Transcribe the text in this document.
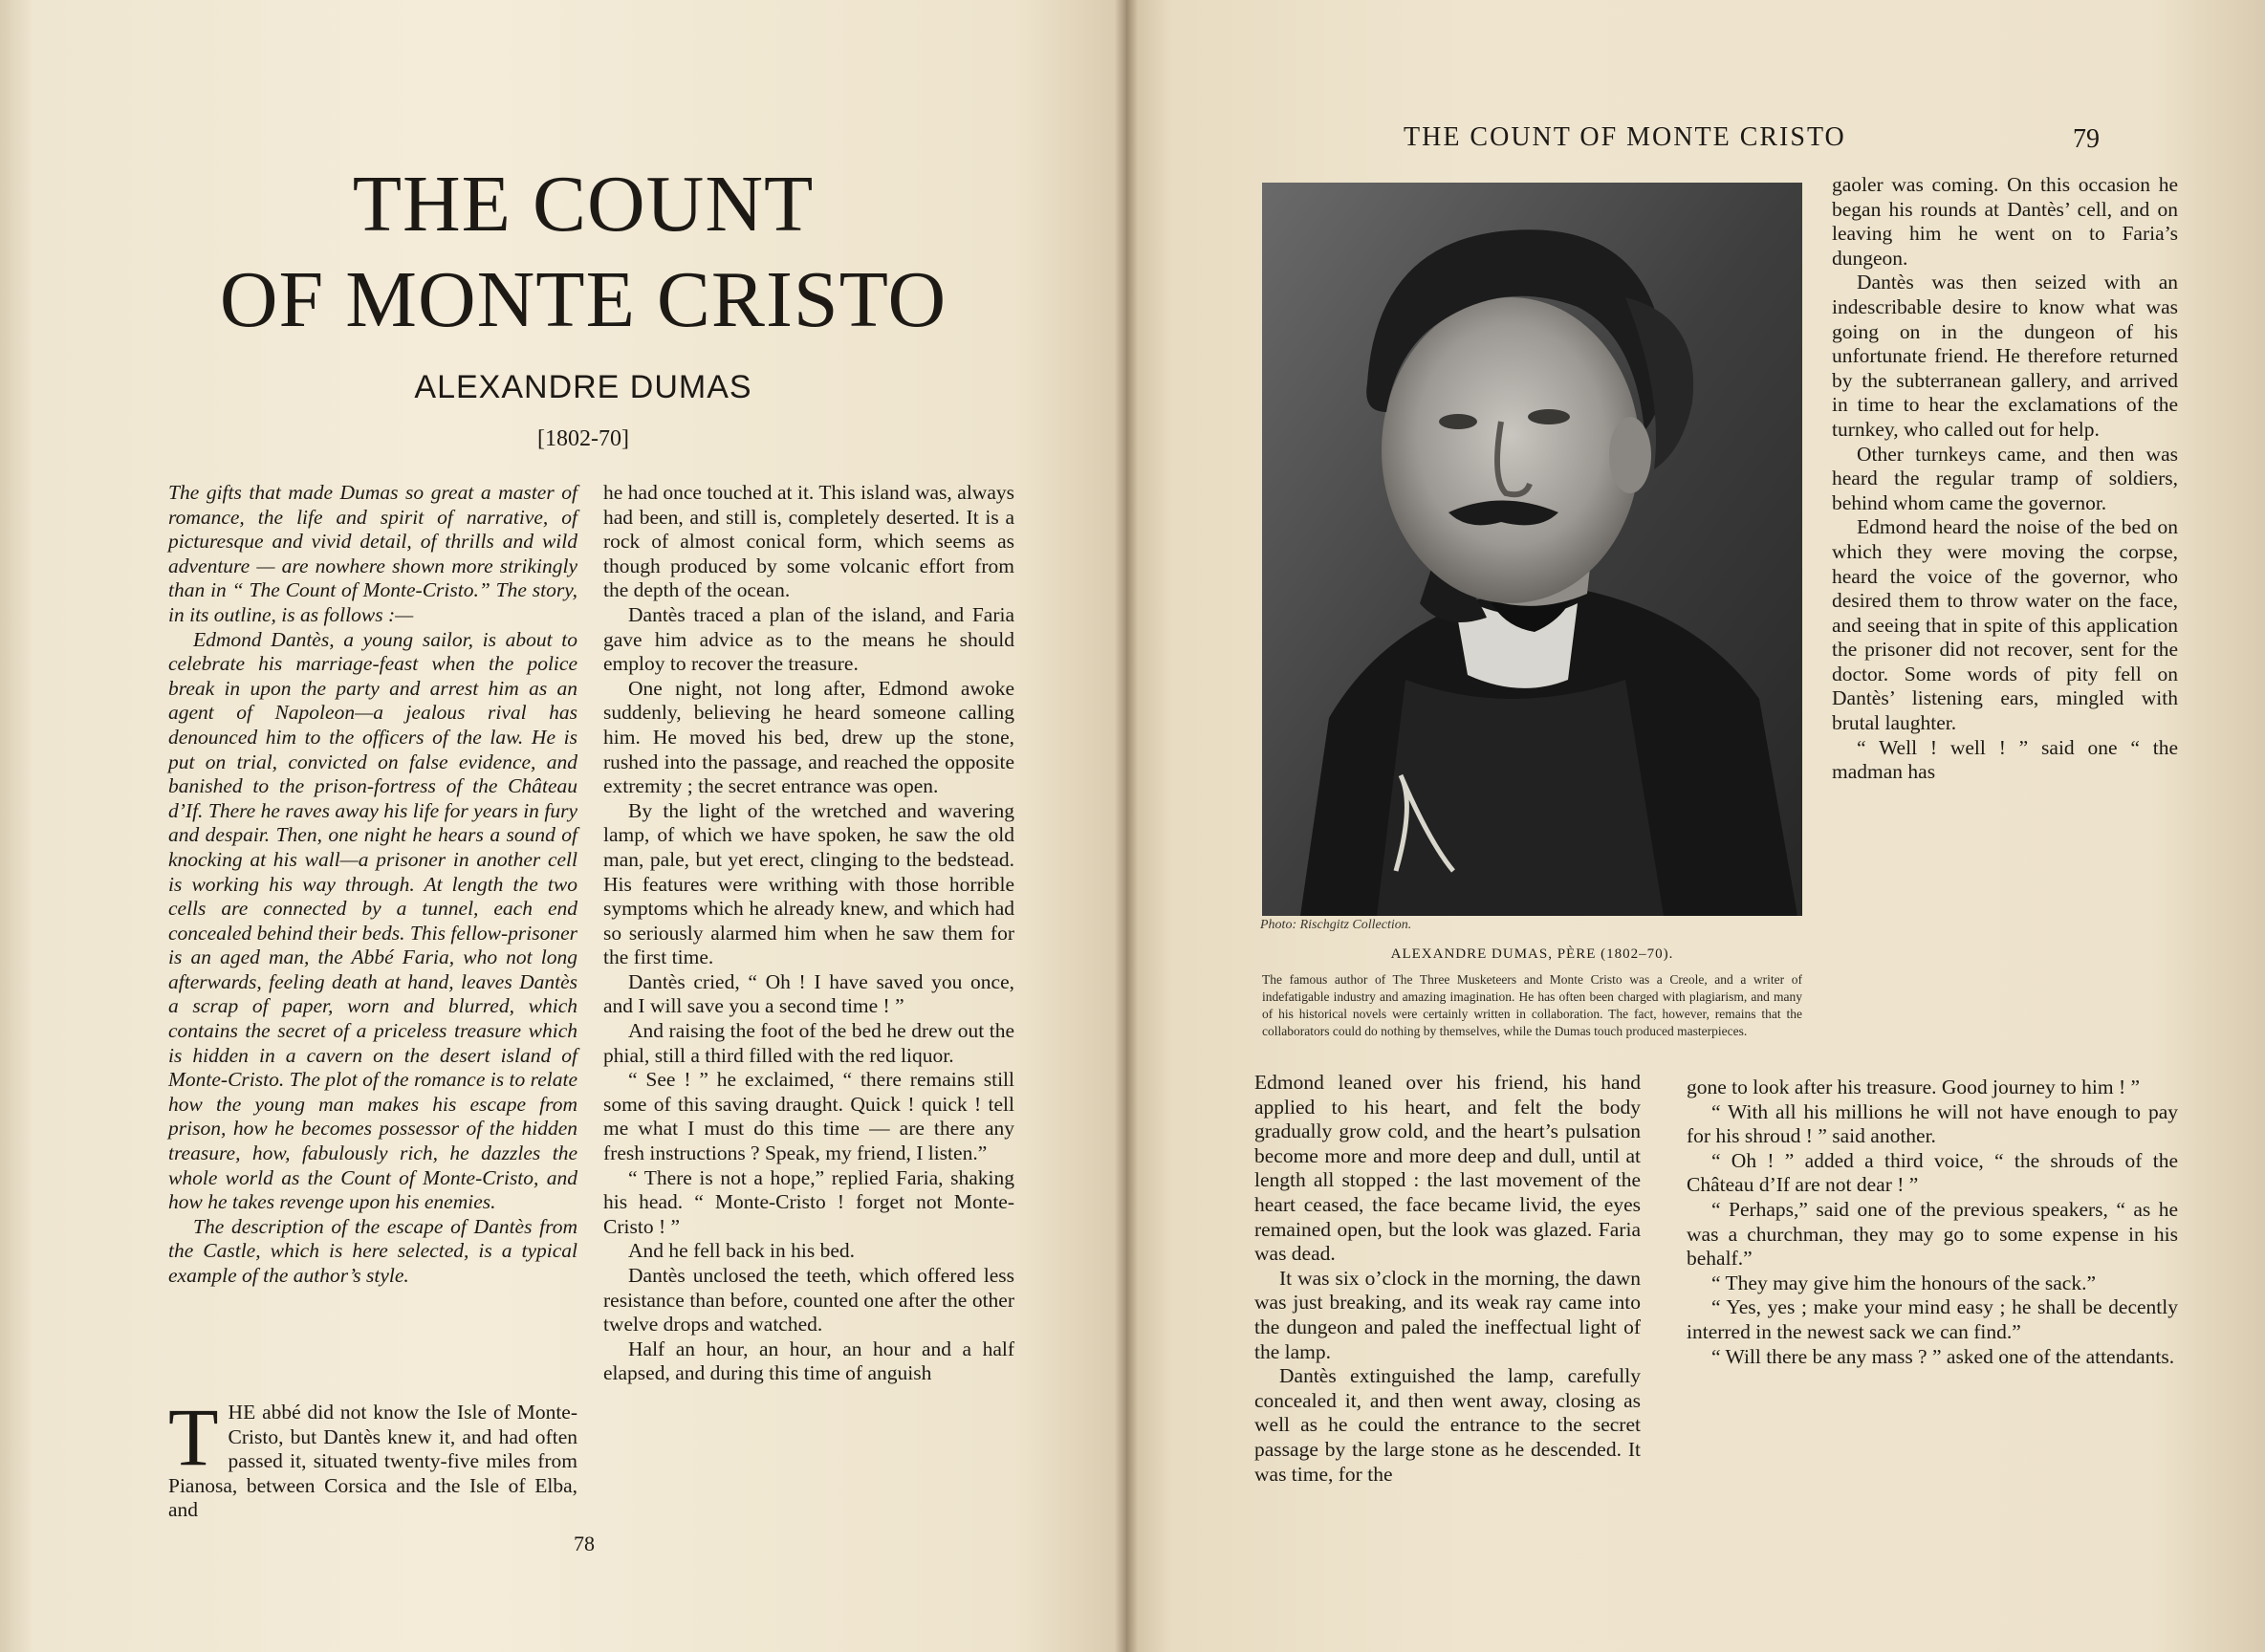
THE COUNT
OF MONTE CRISTO
ALEXANDRE DUMAS
[1802-70]

The gifts that made Dumas so great a master of romance, the life and spirit of narrative, of picturesque and vivid detail, of thrills and wild adventure — are nowhere shown more strikingly than in “ The Count of Monte-Cristo.” The story, in its outline, is as follows :—

Edmond Dantès, a young sailor, is about to celebrate his marriage-feast when the police break in upon the party and arrest him as an agent of Napoleon—a jealous rival has denounced him to the officers of the law. He is put on trial, convicted on false evidence, and banished to the prison-fortress of the Château d’If. There he raves away his life for years in fury and despair. Then, one night he hears a sound of knocking at his wall—a prisoner in another cell is working his way through. At length the two cells are connected by a tunnel, each end concealed behind their beds. This fellow-prisoner is an aged man, the Abbé Faria, who not long afterwards, feeling death at hand, leaves Dantès a scrap of paper, worn and blurred, which contains the secret of a priceless treasure which is hidden in a cavern on the desert island of Monte-Cristo. The plot of the romance is to relate how the young man makes his escape from prison, how he becomes possessor of the hidden treasure, how, fabulously rich, he dazzles the whole world as the Count of Monte-Cristo, and how he takes revenge upon his enemies.

The description of the escape of Dantès from the Castle, which is here selected, is a typical example of the author’s style.

T HE abbé did not know the Isle of Monte-Cristo, but Dantès knew it, and had often passed it, situated twenty-five miles from Pianosa, between Corsica and the Isle of Elba, and

he had once touched at it. This island was, always had been, and still is, completely deserted. It is a rock of almost conical form, which seems as though produced by some volcanic effort from the depth of the ocean.

Dantès traced a plan of the island, and Faria gave him advice as to the means he should employ to recover the treasure.

One night, not long after, Edmond awoke suddenly, believing he heard someone calling him. He moved his bed, drew up the stone, rushed into the passage, and reached the opposite extremity ; the secret entrance was open.

By the light of the wretched and wavering lamp, of which we have spoken, he saw the old man, pale, but yet erect, clinging to the bedstead. His features were writhing with those horrible symptoms which he already knew, and which had so seriously alarmed him when he saw them for the first time.

Dantès cried, “ Oh ! I have saved you once, and I will save you a second time ! ”

And raising the foot of the bed he drew out the phial, still a third filled with the red liquor.

“ See ! ” he exclaimed, “ there remains still some of this saving draught. Quick ! quick ! tell me what I must do this time — are there any fresh instructions ? Speak, my friend, I listen.”

“ There is not a hope,” replied Faria, shaking his head. “ Monte-Cristo ! forget not Monte-Cristo ! ”

And he fell back in his bed.

Dantès unclosed the teeth, which offered less resistance than before, counted one after the other twelve drops and watched.

Half an hour, an hour, an hour and a half elapsed, and during this time of anguish

78
THE COUNT OF MONTE CRISTO	79
Photo: Rischgitz Collection.
ALEXANDRE DUMAS, PÈRE (1802–70).
The famous author of The Three Musketeers and Monte Cristo was a Creole, and a writer of indefatigable industry and amazing imagination. He has often been charged with plagiarism, and many of his historical novels were certainly written in collaboration. The fact, however, remains that the collaborators could do nothing by themselves, while the Dumas touch produced masterpieces.

gaoler was coming. On this occasion he began his rounds at Dantès’ cell, and on leaving him he went on to Faria’s dungeon.

Dantès was then seized with an indescribable desire to know what was going on in the dungeon of his unfortunate friend. He therefore returned by the subterranean gallery, and arrived in time to hear the exclamations of the turnkey, who called out for help.

Other turnkeys came, and then was heard the regular tramp of soldiers, behind whom came the governor.

Edmond heard the noise of the bed on which they were moving the corpse, heard the voice of the governor, who desired them to throw water on the face, and seeing that in spite of this application the prisoner did not recover, sent for the doctor. Some words of pity fell on Dantès’ listening ears, mingled with brutal laughter.

“ Well ! well ! ” said one “ the madman has

Edmond leaned over his friend, his hand applied to his heart, and felt the body gradually grow cold, and the heart’s pulsation become more and more deep and dull, until at length all stopped : the last movement of the heart ceased, the face became livid, the eyes remained open, but the look was glazed. Faria was dead.

It was six o’clock in the morning, the dawn was just breaking, and its weak ray came into the dungeon and paled the ineffectual light of the lamp.

Dantès extinguished the lamp, carefully concealed it, and then went away, closing as well as he could the entrance to the secret passage by the large stone as he descended. It was time, for the

gone to look after his treasure. Good journey to him ! ”

“ With all his millions he will not have enough to pay for his shroud ! ” said another.

“ Oh ! ” added a third voice, “ the shrouds of the Château d’If are not dear ! ”

“ Perhaps,” said one of the previous speakers, “ as he was a churchman, they may go to some expense in his behalf.”

“ They may give him the honours of the sack.”

“ Yes, yes ; make your mind easy ; he shall be decently interred in the newest sack we can find.”

“ Will there be any mass ? ” asked one of the attendants.
